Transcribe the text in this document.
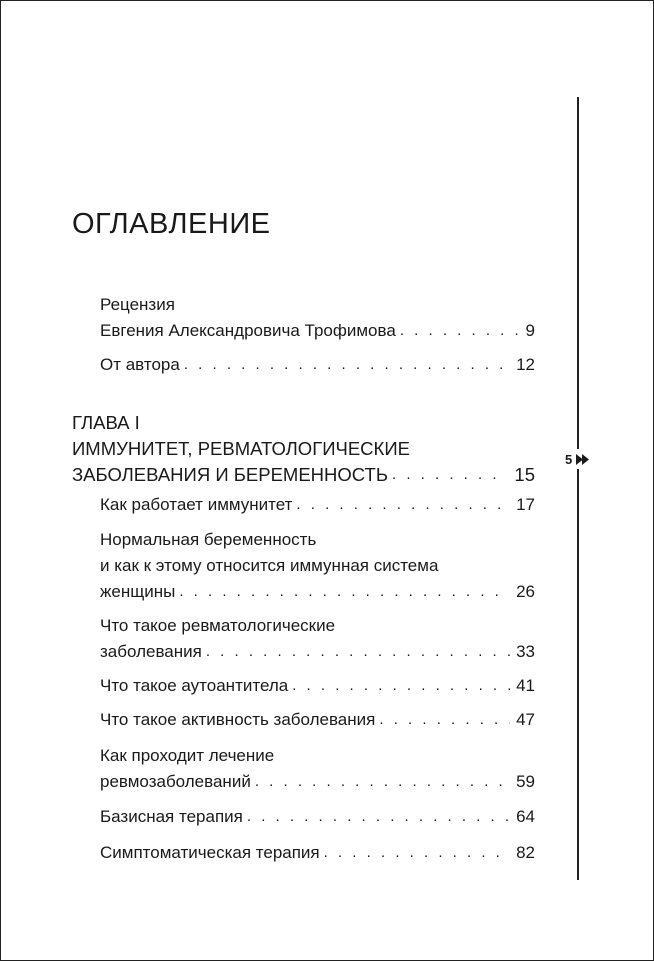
5
ОГЛАВЛЕНИЕ
Рецензия
Евгения Александровича Трофимова . . .	9
От автора . . .	12
ГЛАВА I
ИММУНИТЕТ, РЕВМАТОЛОГИЧЕСКИЕ
ЗАБОЛЕВАНИЯ И БЕРЕМЕННОСТЬ . . .	15
Как работает иммунитет . . .	17
Нормальная беременность
и как к этому относится иммунная система
женщины . . .	26
Что такое ревматологические
заболевания . . .	33
Что такое аутоантитела . . .	41
Что такое активность заболевания . . .	47
Как проходит лечение
ревмозаболеваний . . .	59
Базисная терапия . . .	64
Симптоматическая терапия . . .	82
